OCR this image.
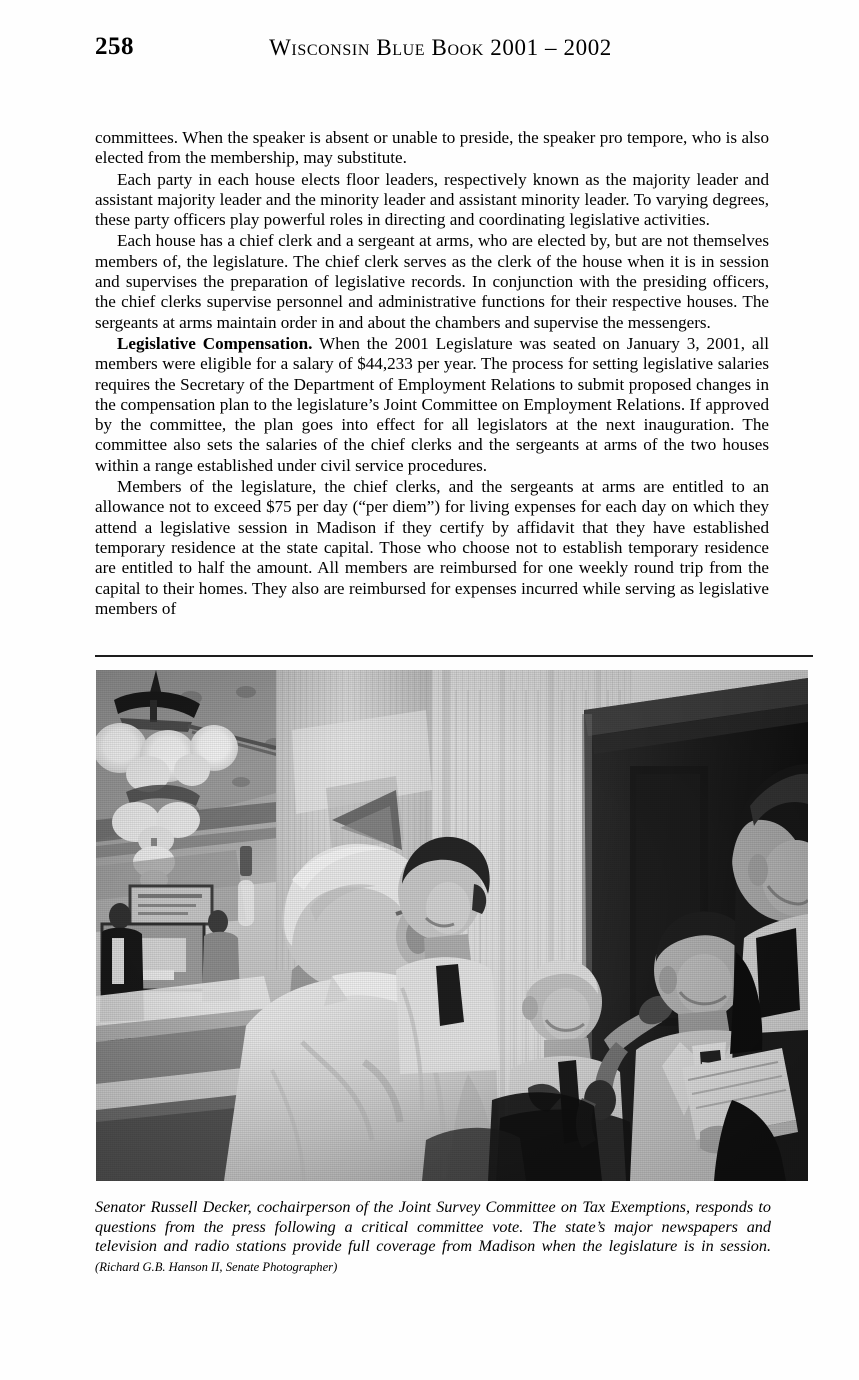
258	Wisconsin Blue Book 2001 – 2002

committees. When the speaker is absent or unable to preside, the speaker pro tempore, who is also elected from the membership, may substitute.

Each party in each house elects floor leaders, respectively known as the majority leader and assistant majority leader and the minority leader and assistant minority leader. To varying degrees, these party officers play powerful roles in directing and coordinating legislative activities.

Each house has a chief clerk and a sergeant at arms, who are elected by, but are not themselves members of, the legislature. The chief clerk serves as the clerk of the house when it is in session and supervises the preparation of legislative records. In conjunction with the presiding officers, the chief clerks supervise personnel and administrative functions for their respective houses. The sergeants at arms maintain order in and about the chambers and supervise the messengers.

Legislative Compensation. When the 2001 Legislature was seated on January 3, 2001, all members were eligible for a salary of $44,233 per year. The process for setting legislative salaries requires the Secretary of the Department of Employment Relations to submit proposed changes in the compensation plan to the legislature’s Joint Committee on Employment Relations. If approved by the committee, the plan goes into effect for all legislators at the next inauguration. The committee also sets the salaries of the chief clerks and the sergeants at arms of the two houses within a range established under civil service procedures.

Members of the legislature, the chief clerks, and the sergeants at arms are entitled to an allowance not to exceed $75 per day (“per diem”) for living expenses for each day on which they attend a legislative session in Madison if they certify by affidavit that they have established temporary residence at the state capital. Those who choose not to establish temporary residence are entitled to half the amount. All members are reimbursed for one weekly round trip from the capital to their homes. They also are reimbursed for expenses incurred while serving as legislative members of

Senator Russell Decker, cochairperson of the Joint Survey Committee on Tax Exemptions, responds to questions from the press following a critical committee vote. The state’s major newspapers and television and radio stations provide full coverage from Madison when the legislature is in session. (Richard G.B. Hanson II, Senate Photographer)
